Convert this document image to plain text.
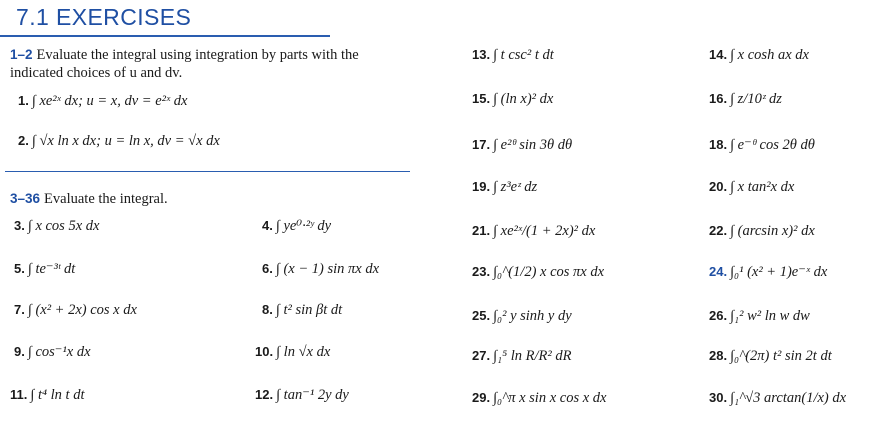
7.1 EXERCISES
1–2 Evaluate the integral using integration by parts with the indicated choices of u and dv.
3–36 Evaluate the integral.
1. ∫ xe²ˣ dx; u = x, dv = e²ˣ dx
2. ∫ √x ln x dx; u = ln x, dv = √x dx
3. ∫ x cos 5x dx
5. ∫ te⁻³ᵗ dt
7. ∫ (x² + 2x) cos x dx
9. ∫ cos⁻¹x dx
11. ∫ t⁴ ln t dt
4. ∫ ye⁰·²ʸ dy
6. ∫ (x − 1) sin πx dx
8. ∫ t² sin βt dt
10. ∫ ln √x dx
12. ∫ tan⁻¹ 2y dy
13. ∫ t csc² t dt
15. ∫ (ln x)² dx
17. ∫ e²ᶿ sin 3θ dθ
19. ∫ z³eᶻ dz
21. ∫ xe²ˣ/(1 + 2x)² dx
23. ∫₀^(1/2) x cos πx dx
25. ∫₀² y sinh y dy
27. ∫₁⁵ ln R/R² dR
29. ∫₀^π x sin x cos x dx
14. ∫ x cosh ax dx
16. ∫ z/10ᶻ dz
18. ∫ e⁻ᶿ cos 2θ dθ
20. ∫ x tan²x dx
22. ∫ (arcsin x)² dx
24. ∫₀¹ (x² + 1)e⁻ˣ dx
26. ∫₁² w² ln w dw
28. ∫₀^(2π) t² sin 2t dt
30. ∫₁^√3 arctan(1/x) dx
